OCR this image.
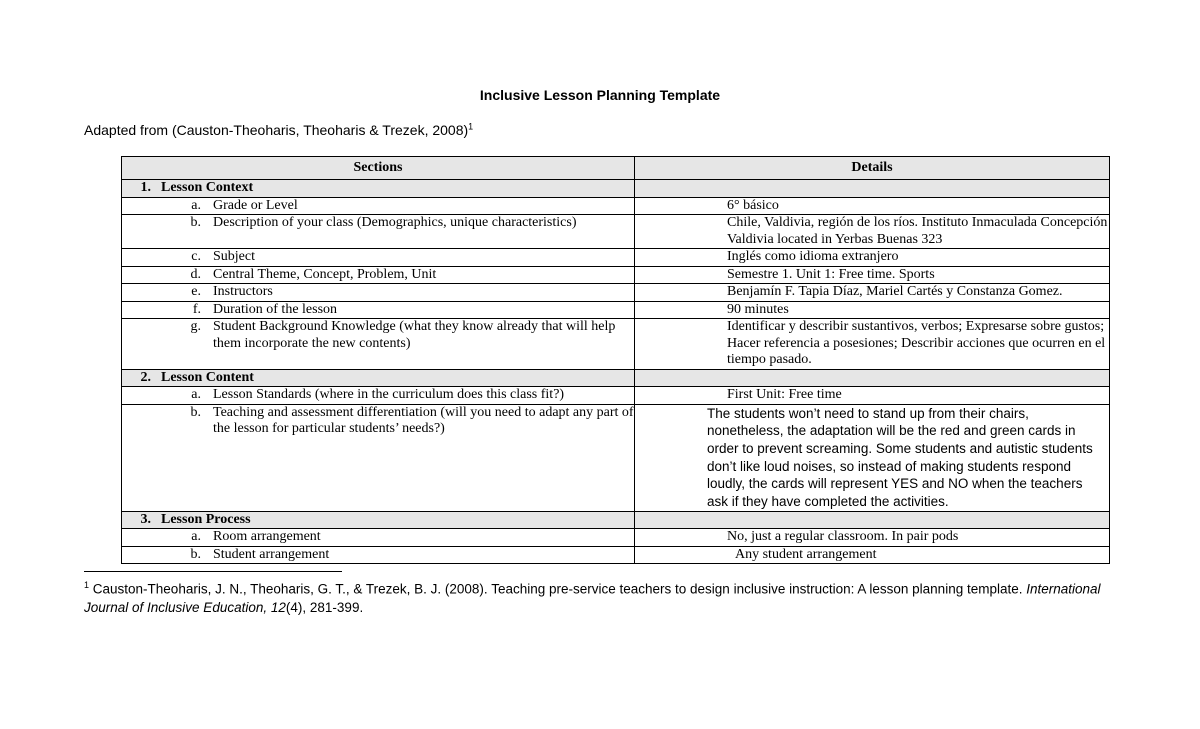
Inclusive Lesson Planning Template
Adapted from (Causton-Theoharis, Theoharis & Trezek, 2008)$^1$
Sections	Details
1. Lesson Context	

a. Grade or Level	6° básico

b. Description of your class (Demographics, unique characteristics)	Chile, Valdivia, región de los ríos. Instituto Inmaculada Concepción Valdivia located in Yerbas Buenas 323

c. Subject	Inglés como idioma extranjero

d. Central Theme, Concept, Problem, Unit	Semestre 1. Unit 1: Free time. Sports

e. Instructors	Benjamín F. Tapia Díaz, Mariel Cartés y Constanza Gomez.

f. Duration of the lesson	90 minutes

g. Student Background Knowledge (what they know already that will help them incorporate the new contents)	Identificar y describir sustantivos, verbos; Expresarse sobre gustos; Hacer referencia a posesiones; Describir acciones que ocurren en el tiempo pasado.

2. Lesson Content	

a. Lesson Standards (where in the curriculum does this class fit?)	First Unit: Free time

b. Teaching and assessment differentiation (will you need to adapt any part of the lesson for particular students’ needs?)	The students won’t need to stand up from their chairs, nonetheless, the adaptation will be the red and green cards in order to prevent screaming. Some students and autistic students don’t like loud noises, so instead of making students respond loudly, the cards will represent YES and NO when the teachers ask if they have completed the activities.

3. Lesson Process	

a. Room arrangement	No, just a regular classroom. In pair pods

b. Student arrangement	Any student arrangement
$^1$ Causton-Theoharis, J. N., Theoharis, G. T., & Trezek, B. J. (2008). Teaching pre-service teachers to design inclusive instruction: A lesson planning template. International Journal of Inclusive Education, 12(4), 281-399.
